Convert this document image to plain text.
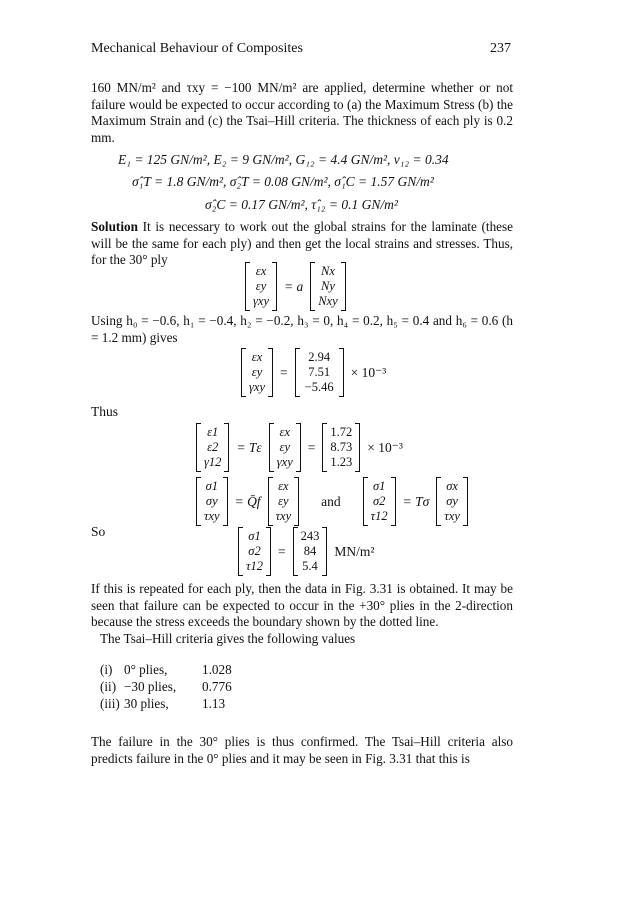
Mechanical Behaviour of Composites	237
160 MN/m² and τxy = −100 MN/m² are applied, determine whether or not failure would be expected to occur according to (a) the Maximum Stress (b) the Maximum Strain and (c) the Tsai–Hill criteria. The thickness of each ply is 0.2 mm.
E₁ = 125 GN/m², E₂ = 9 GN/m², G₁₂ = 4.4 GN/m², ν₁₂ = 0.34
σ̂₁T = 1.8 GN/m², σ̂₂T = 0.08 GN/m², σ̂₁C = 1.57 GN/m²
σ̂₂C = 0.17 GN/m², τ̂₁₂ = 0.1 GN/m²
Solution It is necessary to work out the global strains for the laminate (these will be the same for each ply) and then get the local strains and stresses. Thus, for the 30° ply
εx
εy
γxy
= a
Nx
Ny
Nxy
Using h₀ = −0.6, h₁ = −0.4, h₂ = −0.2, h₃ = 0, h₄ = 0.2, h₅ = 0.4 and h₆ = 0.6 (h = 1.2 mm) gives
εx
εy
γxy
=
2.94
7.51
−5.46
× 10⁻³
Thus
ε1
ε2
γ12
= Tε
εx
εy
γxy
=
1.72
8.73
1.23
× 10⁻³
σ1
σy
τxy
= Q̄f
εx
εy
τxy
and
σ1
σ2
τ12
= Tσ
σx
σy
τxy
So	σ1
σ2
τ12
=
243
84
5.4
MN/m²
If this is repeated for each ply, then the data in Fig. 3.31 is obtained. It may be seen that failure can be expected to occur in the +30° plies in the 2-direction because the stress exceeds the boundary shown by the dotted line.
The Tsai–Hill criteria gives the following values
(i) 0° plies,	1.028
(ii) −30 plies, 0.776
(iii) 30 plies,	1.13
The failure in the 30° plies is thus confirmed. The Tsai–Hill criteria also predicts failure in the 0° plies and it may be seen in Fig. 3.31 that this is
